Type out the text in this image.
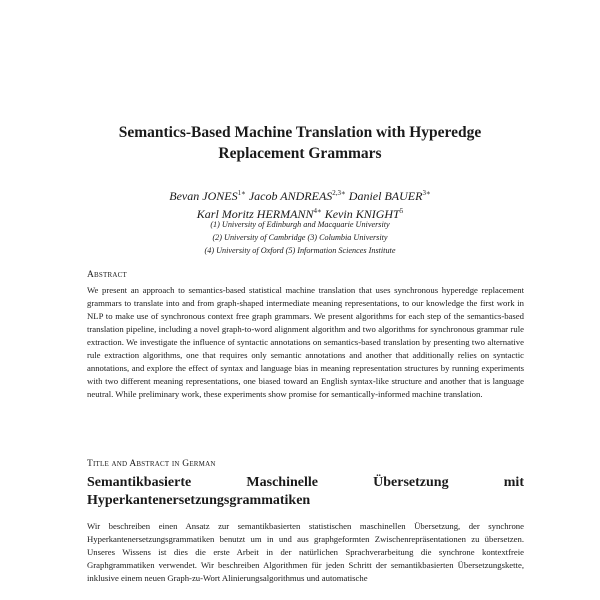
Semantics-Based Machine Translation with Hyperedge
Replacement Grammars
Bevan $JONES^{1∗}$ Jacob $ANDREAS^{2,3∗}$ Daniel $BAUER^{3∗}$
Karl Moritz $HERMANN^{4∗}$ Kevin KNIGHT$^5$
(1) University of Edinburgh and Macquarie University
(2) University of Cambridge (3) Columbia University
(4) University of Oxford (5) Information Sciences Institute
Abstract

We present an approach to semantics-based statistical machine translation that uses synchronous hyperedge replacement grammars to translate into and from graph-shaped intermediate meaning representations, to our knowledge the first work in NLP to make use of synchronous context free graph grammars. We present algorithms for each step of the semantics-based translation pipeline, including a novel graph-to-word alignment algorithm and two algorithms for synchronous grammar rule extraction. We investigate the influence of syntactic annotations on semantics-based translation by presenting two alternative rule extraction algorithms, one that requires only semantic annotations and another that additionally relies on syntactic annotations, and explore the effect of syntax and language bias in meaning representation structures by running experiments with two different meaning representations, one biased toward an English syntax-like structure and another that is language neutral. While preliminary work, these experiments show promise for semantically-informed machine translation.

Title and Abstract in German

Semantikbasierte Maschinelle Übersetzung mit Hyperkantenersetzungsgrammatiken

Wir beschreiben einen Ansatz zur semantikbasierten statistischen maschinellen Übersetzung, der synchrone Hyperkantenersetzungsgrammatiken benutzt um in und aus graphgeformten Zwischenrepräsentationen zu übersetzen. Unseres Wissens ist dies die erste Arbeit in der natürlichen Sprachverarbeitung die synchrone kontextfreie Graphgrammatiken verwendet. Wir beschreiben Algorithmen für jeden Schritt der semantikbasierten Übersetzungskette, inklusive einem neuen Graph-zu-Wort Alinierungsalgorithmus und automatische
